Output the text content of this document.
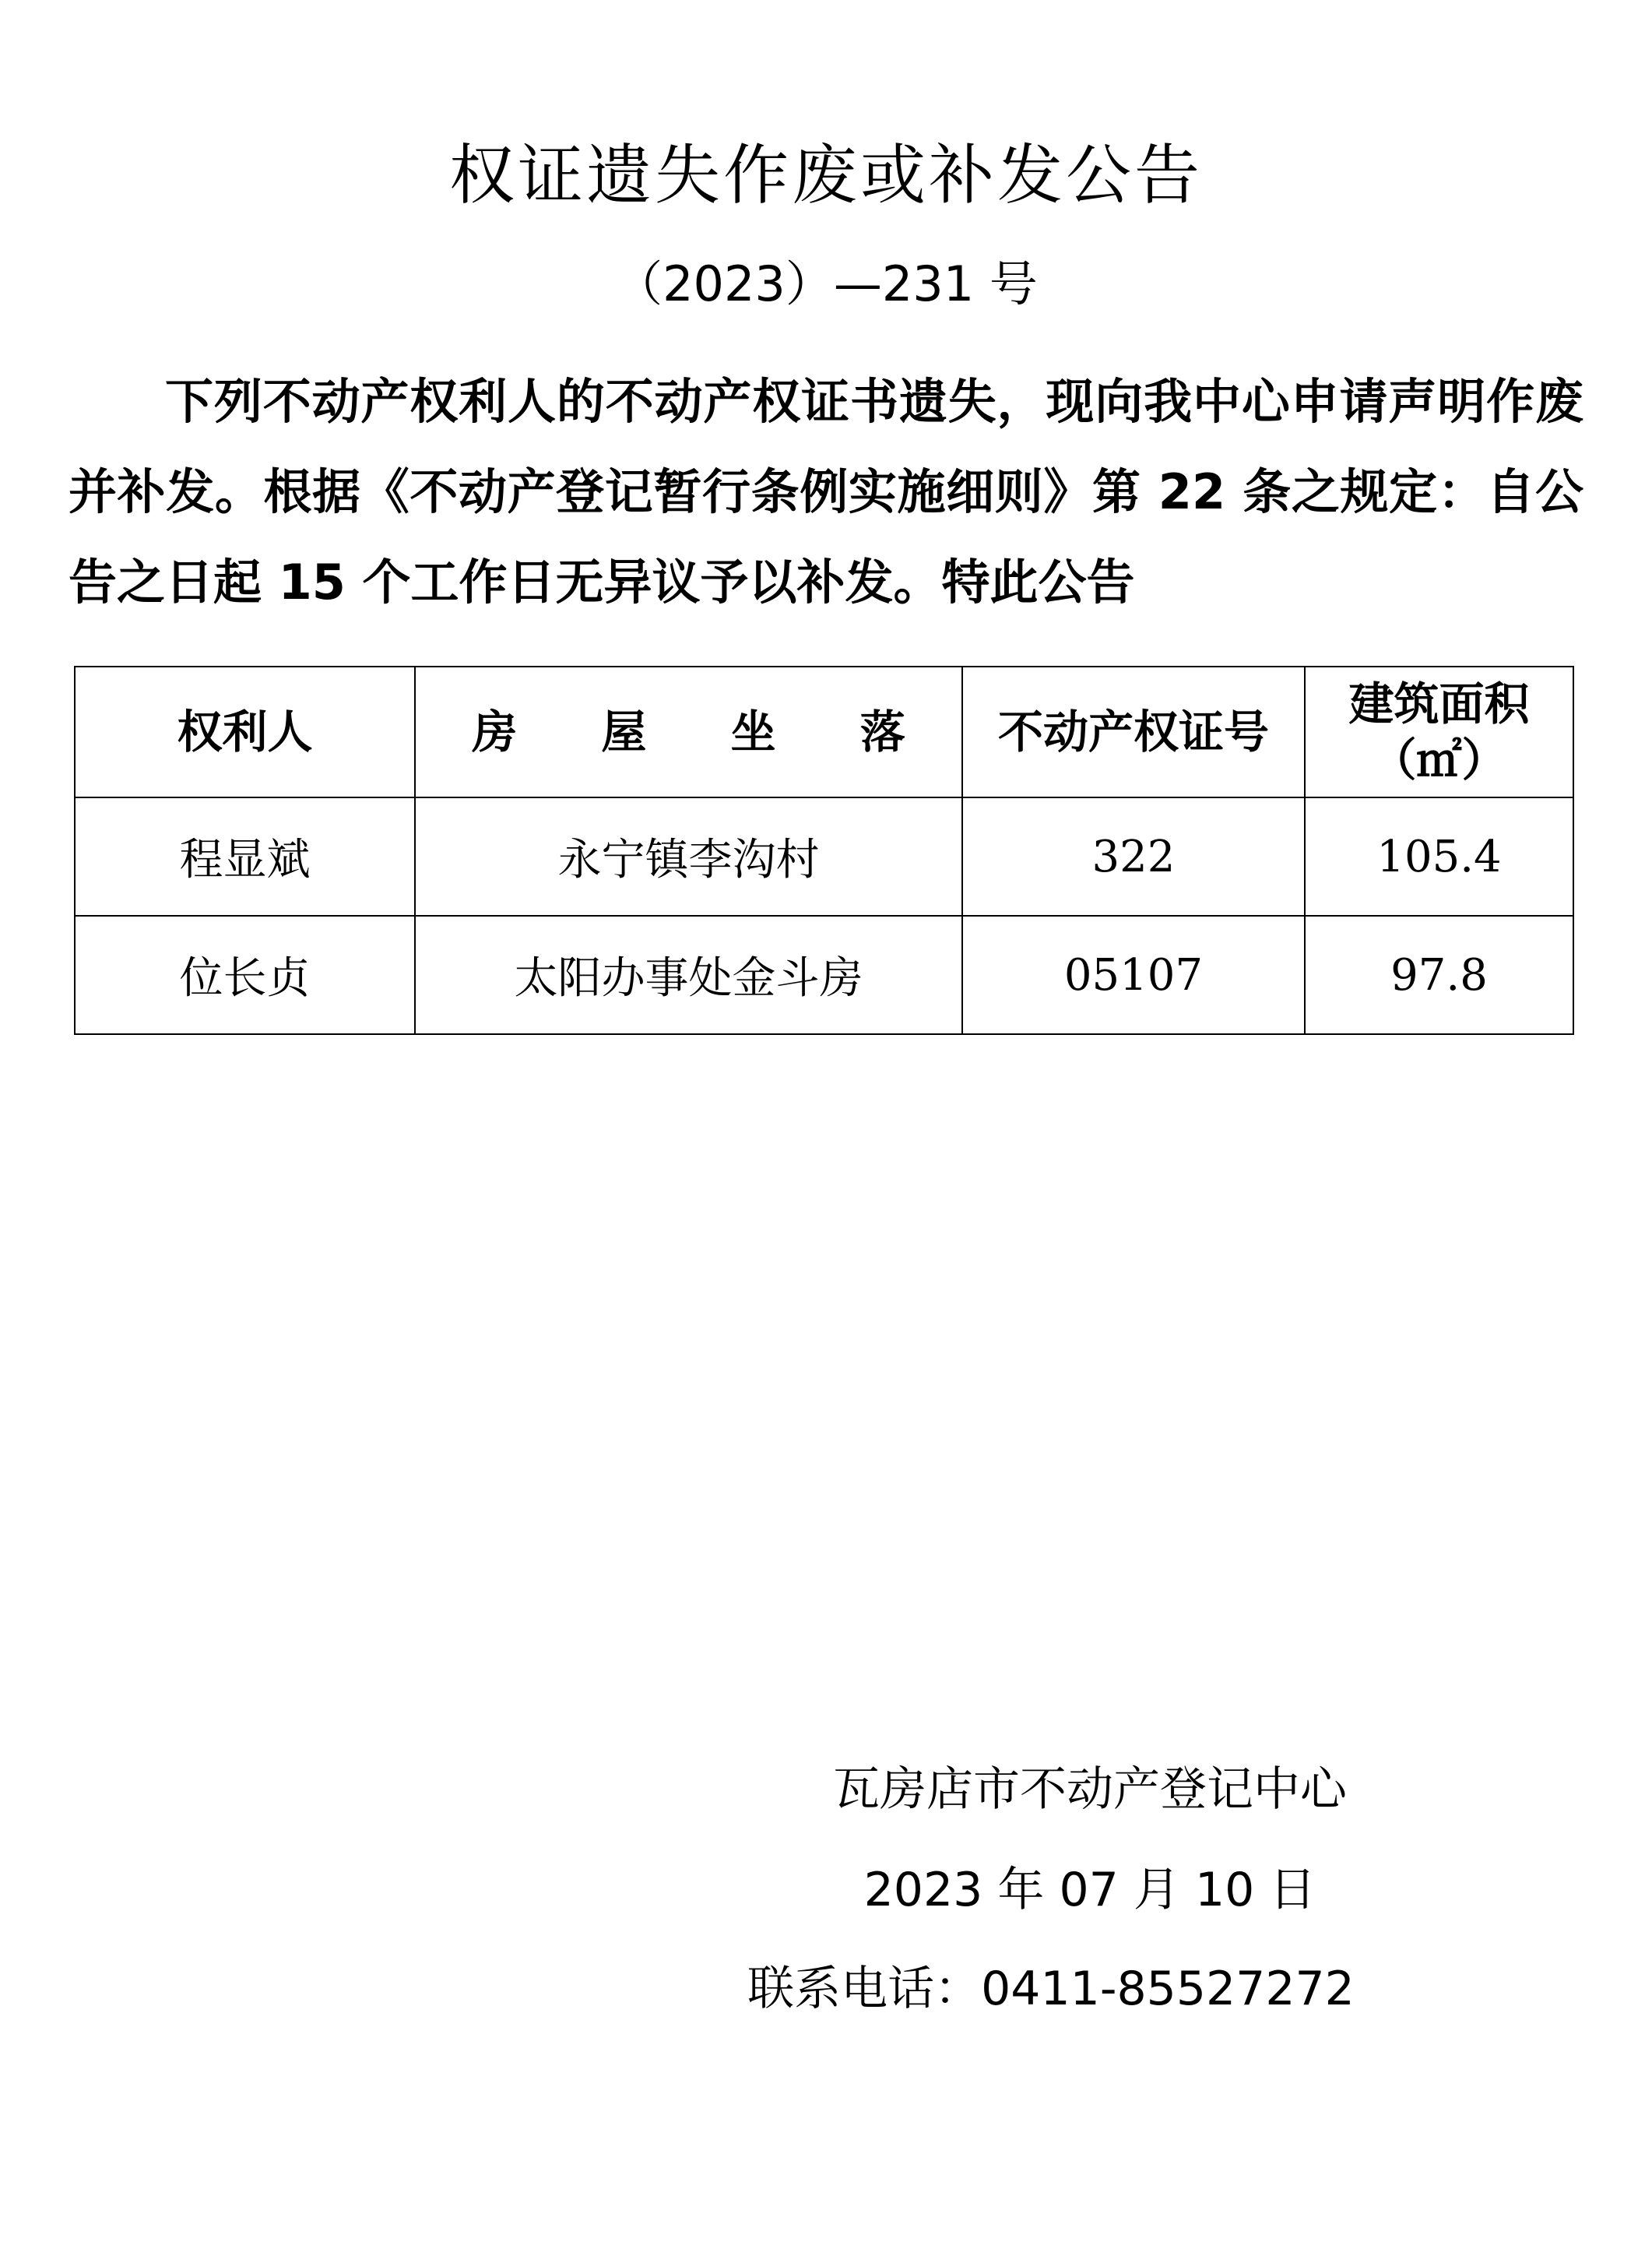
权证遗失作废或补发公告
（2023）—231 号

下列不动产权利人的不动产权证书遗失，现向我中心申请声明作废并补发。根据《不动产登记暂行条例实施细则》第 22 条之规定：自公告之日起 15 个工作日无异议予以补发。特此公告

权利人	房 屋 坐 落	不动产权证号	建筑面积
（㎡）

程显斌	永宁镇李沟村	322	105.4
位长贞	太阳办事处金斗房	05107	97.8
瓦房店市不动产登记中心
2023 年 07 月 10 日
联系电话：0411-85527272
